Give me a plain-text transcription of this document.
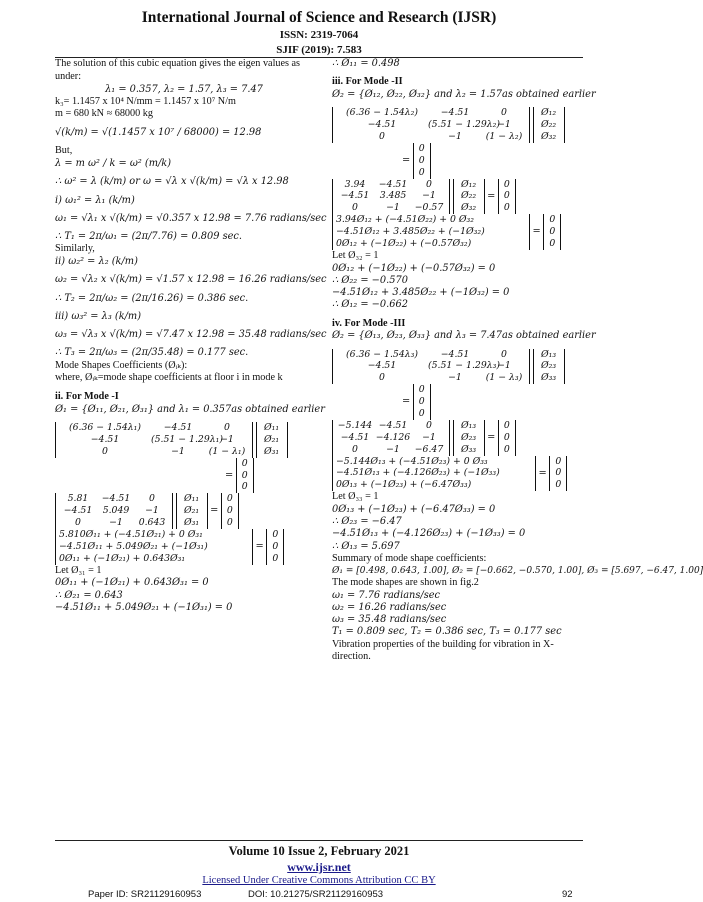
International Journal of Science and Research (IJSR)
ISSN: 2319-7064
SJIF (2019): 7.583
The solution of this cubic equation gives the eigen values as
under:
λ₁ = 0.357, λ₂ = 1.57, λ₃ = 7.47
k₃= 1.1457 x 10⁴ N/mm = 1.1457 x 10⁷ N/m
m = 680 kN ≈ 68000 kg
√(k/m) = √(1.1457 x 10⁷ / 68000) = 12.98
But,
λ = m ω² / k = ω² (m/k)
∴ ω² = λ (k/m) or ω = √λ x √(k/m) = √λ x 12.98
i) ω₁² = λ₁ (k/m)
ω₁ = √λ₁ x √(k/m) = √0.357 x 12.98 = 7.76 radians/sec
∴ T₁ = 2π/ω₁ = (2π/7.76) = 0.809 sec.
Similarly,
ii) ω₂² = λ₂ (k/m)
ω₂ = √λ₂ x √(k/m) = √1.57 x 12.98 = 16.26 radians/sec
∴ T₂ = 2π/ω₂ = (2π/16.26) = 0.386 sec.
iii) ω₃² = λ₃ (k/m)
ω₃ = √λ₃ x √(k/m) = √7.47 x 12.98 = 35.48 radians/sec
∴ T₃ = 2π/ω₃ = (2π/35.48) = 0.177 sec.
Mode Shapes Coefficients (Øᵢₖ):
where, Øᵢₖ=mode shape coefficients at floor i in mode k
ii. For Mode -I
Ø₁ = {Ø₁₁, Ø₂₁, Ø₃₁} and λ₁ = 0.357as obtained earlier
(6.36 − 1.54λ₁) −4.51	0
−4.51	(5.51 − 1.29λ₁)−1
0	−1	(1 − λ₁)

Ø₁₁
Ø₂₁
Ø₃₁
=
0
0
0
5.81 −4.51 0
−4.51 5.049 −1
0	−1 0.643

Ø₁₁
Ø₂₁
Ø₃₁
=
0
0
0
5.810Ø₁₁ + (−4.51Ø₂₁) + 0 Ø₃₁
−4.51Ø₁₁ + 5.049Ø₂₁ + (−1Ø₃₁)
0Ø₁₁ + (−1Ø₂₁) + 0.643Ø₃₁
=
0
0
0
Let Ø₃₁ = 1
0Ø₁₁ + (−1Ø₂₁) + 0.643Ø₃₁ = 0
∴ Ø₂₁ = 0.643
−4.51Ø₁₁ + 5.049Ø₂₁ + (−1Ø₃₁) = 0
∴ Ø₁₁ = 0.498
iii. For Mode -II
Ø₂ = {Ø₁₂, Ø₂₂, Ø₃₂} and λ₂ = 1.57as obtained earlier
(6.36 − 1.54λ₂) −4.51	0
−4.51	(5.51 − 1.29λ₂)−1
0	−1	(1 − λ₂)

Ø₁₂
Ø₂₂
Ø₃₂
=
0
0
0
3.94 −4.51 0
−4.51 3.485 −1
0	−1 −0.57

Ø₁₂
Ø₂₂
Ø₃₂
=
0
0
0
3.94Ø₁₂ + (−4.51Ø₂₂) + 0 Ø₃₂
−4.51Ø₁₂ + 3.485Ø₂₂ + (−1Ø₃₂)
0Ø₁₂ + (−1Ø₂₂) + (−0.57Ø₃₂)
=
0
0
0
Let Ø₃₂ = 1
0Ø₁₂ + (−1Ø₂₂) + (−0.57Ø₃₂) = 0
∴ Ø₂₂ = −0.570
−4.51Ø₁₂ + 3.485Ø₂₂ + (−1Ø₃₂) = 0
∴ Ø₁₂ = −0.662
iv. For Mode -III
Ø₂ = {Ø₁₃, Ø₂₃, Ø₃₃} and λ₃ = 7.47as obtained earlier
(6.36 − 1.54λ₃) −4.51	0
−4.51	(5.51 − 1.29λ₃)−1
0	−1	(1 − λ₃)

Ø₁₃
Ø₂₃
Ø₃₃
=
0
0
0
−5.144 −4.51 0
−4.51 −4.126 −1
0	−1 −6.47

Ø₁₃
Ø₂₃
Ø₃₃
=
0
0
0
−5.144Ø₁₃ + (−4.51Ø₂₃) + 0 Ø₃₃
−4.51Ø₁₃ + (−4.126Ø₂₃) + (−1Ø₃₃)
0Ø₁₃ + (−1Ø₂₃) + (−6.47Ø₃₃)
=
0
0
0
Let Ø₃₃ = 1
0Ø₁₃ + (−1Ø₂₃) + (−6.47Ø₃₃) = 0
∴ Ø₂₃ = −6.47
−4.51Ø₁₃ + (−4.126Ø₂₃) + (−1Ø₃₃) = 0
∴ Ø₁₃ = 5.697
Summary of mode shape coefficients:
Ø₁ = [0.498, 0.643, 1.00], Ø₂ = [−0.662, −0.570, 1.00], Ø₃ = [5.697, −6.47, 1.00]
The mode shapes are shown in fig.2
ω₁ = 7.76 radians/sec
ω₂ = 16.26 radians/sec
ω₃ = 35.48 radians/sec
T₁ = 0.809 sec, T₂ = 0.386 sec, T₃ = 0.177 sec
Vibration properties of the building for vibration in X-
direction.
Volume 10 Issue 2, February 2021
www.ijsr.net
Licensed Under Creative Commons Attribution CC BY
Paper ID: SR21129160953	DOI: 10.21275/SR21129160953	92
